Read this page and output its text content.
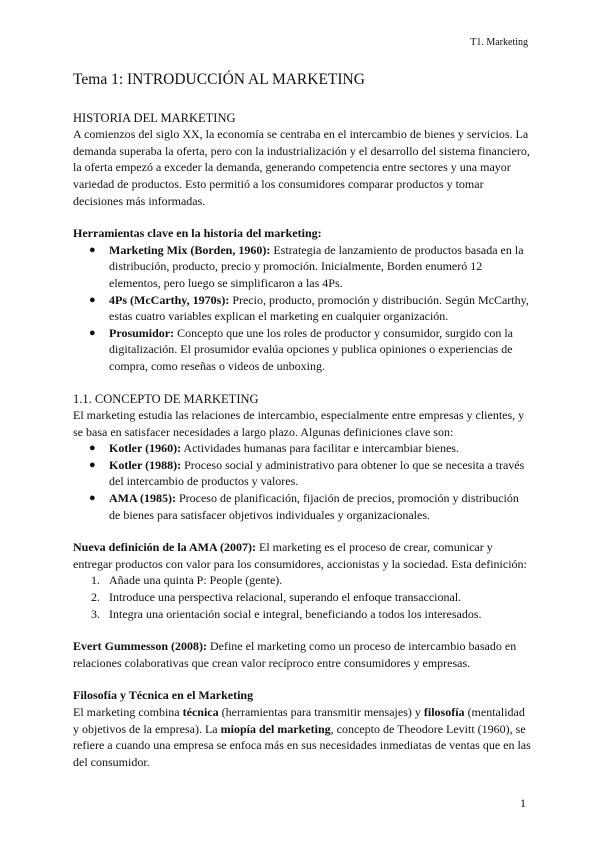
T1. Marketing
Tema 1: INTRODUCCIÓN AL MARKETING
HISTORIA DEL MARKETING

A comienzos del siglo XX, la economía se centraba en el intercambio de bienes y servicios. La demanda superaba la oferta, pero con la industrialización y el desarrollo del sistema financiero, la oferta empezó a exceder la demanda, generando competencia entre sectores y una mayor variedad de productos. Esto permitió a los consumidores comparar productos y tomar decisiones más informadas.

Herramientas clave en la historia del marketing:

● Marketing Mix (Borden, 1960): Estrategia de lanzamiento de productos basada en la distribución, producto, precio y promoción. Inicialmente, Borden enumeró 12 elementos, pero luego se simplificaron a las 4Ps.
● 4Ps (McCarthy, 1970s): Precio, producto, promoción y distribución. Según McCarthy, estas cuatro variables explican el marketing en cualquier organización.
● Prosumidor: Concepto que une los roles de productor y consumidor, surgido con la digitalización. El prosumidor evalúa opciones y publica opiniones o experiencias de compra, como reseñas o videos de unboxing.
1.1. CONCEPTO DE MARKETING

El marketing estudia las relaciones de intercambio, especialmente entre empresas y clientes, y se basa en satisfacer necesidades a largo plazo. Algunas definiciones clave son:

● Kotler (1960): Actividades humanas para facilitar e intercambiar bienes.
● Kotler (1988): Proceso social y administrativo para obtener lo que se necesita a través del intercambio de productos y valores.
● AMA (1985): Proceso de planificación, fijación de precios, promoción y distribución de bienes para satisfacer objetivos individuales y organizacionales.

Nueva definición de la AMA (2007): El marketing es el proceso de crear, comunicar y entregar productos con valor para los consumidores, accionistas y la sociedad. Esta definición:

1. Añade una quinta P: People (gente).
2. Introduce una perspectiva relacional, superando el enfoque transaccional.
3. Integra una orientación social e integral, beneficiando a todos los interesados.

Evert Gummesson (2008): Define el marketing como un proceso de intercambio basado en relaciones colaborativas que crean valor recíproco entre consumidores y empresas.

Filosofía y Técnica en el Marketing

El marketing combina técnica (herramientas para transmitir mensajes) y filosofía (mentalidad y objetivos de la empresa). La miopía del marketing, concepto de Theodore Levitt (1960), se refiere a cuando una empresa se enfoca más en sus necesidades inmediatas de ventas que en las del consumidor.

1
